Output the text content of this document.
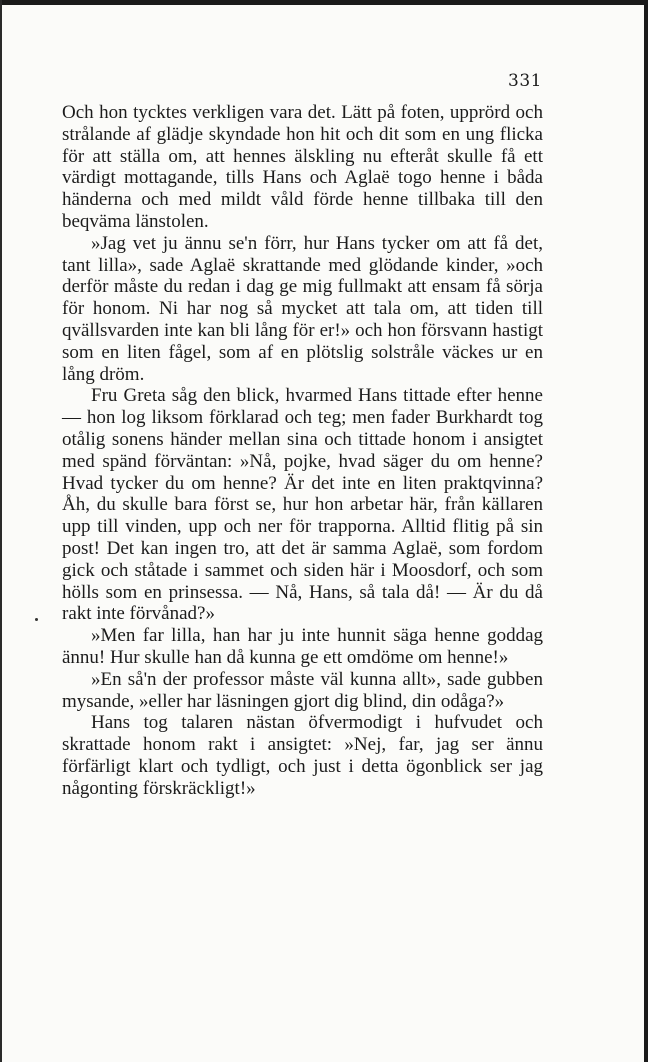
331

Och hon tycktes verkligen vara det. Lätt på foten, upprörd och strålande af glädje skyndade hon hit och dit som en ung flicka för att ställa om, att hennes älskling nu efteråt skulle få ett värdigt mottagande, tills Hans och Aglaë togo henne i båda händerna och med mildt våld förde henne tillbaka till den beqväma länstolen.

»Jag vet ju ännu se'n förr, hur Hans tycker om att få det, tant lilla», sade Aglaë skrattande med glödande kinder, »och derför måste du redan i dag ge mig fullmakt att ensam få sörja för honom. Ni har nog så mycket att tala om, att tiden till qvällsvarden inte kan bli lång för er!» och hon försvann hastigt som en liten fågel, som af en plötslig solstråle väckes ur en lång dröm.

Fru Greta såg den blick, hvarmed Hans tittade efter henne — hon log liksom förklarad och teg; men fader Burkhardt tog otålig sonens händer mellan sina och tittade honom i ansigtet med spänd förväntan: »Nå, pojke, hvad säger du om henne? Hvad tycker du om henne? Är det inte en liten praktqvinna? Åh, du skulle bara först se, hur hon arbetar här, från källaren upp till vinden, upp och ner för trapporna. Alltid flitig på sin post! Det kan ingen tro, att det är samma Aglaë, som fordom gick och ståtade i sammet och siden här i Moosdorf, och som hölls som en prinsessa. — Nå, Hans, så tala då! — Är du då rakt inte förvånad?»

»Men far lilla, han har ju inte hunnit säga henne goddag ännu! Hur skulle han då kunna ge ett omdöme om henne!»

»En så'n der professor måste väl kunna allt», sade gubben mysande, »eller har läsningen gjort dig blind, din odåga?»

Hans tog talaren nästan öfvermodigt i hufvudet och skrattade honom rakt i ansigtet: »Nej, far, jag ser ännu förfärligt klart och tydligt, och just i detta ögonblick ser jag någonting förskräckligt!»
